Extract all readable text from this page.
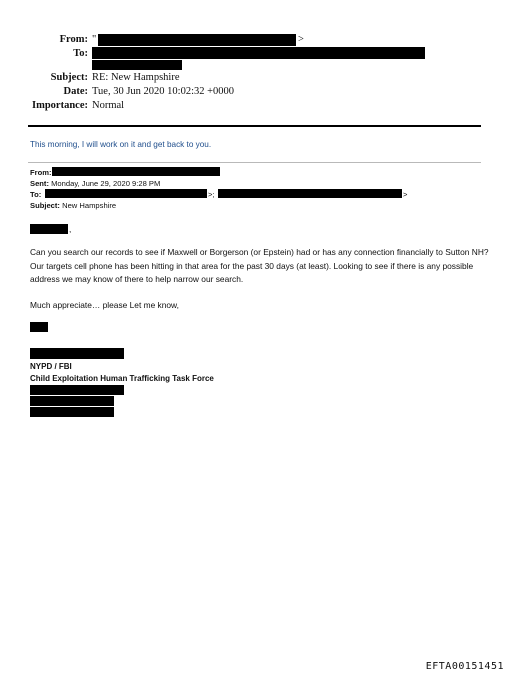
From: "	>
To:
Subject: RE: New Hampshire
Date: Tue, 30 Jun 2020 10:02:32 +0000
Importance: Normal
This morning, I will work on it and get back to you.
From:
Sent: Monday, June 29, 2020 9:28 PM
To:	>;	>
Subject: New Hampshire
,
Can you search our records to see if Maxwell or Borgerson (or Epstein) had or has any connection financially to Sutton NH? Our targets cell phone has been hitting in that area for the past 30 days (at least). Looking to see if there is any possible address we may know of there to help narrow our search.
Much appreciate… please Let me know,
NYPD / FBI
Child Exploitation Human Trafficking Task Force
EFTA00151451
